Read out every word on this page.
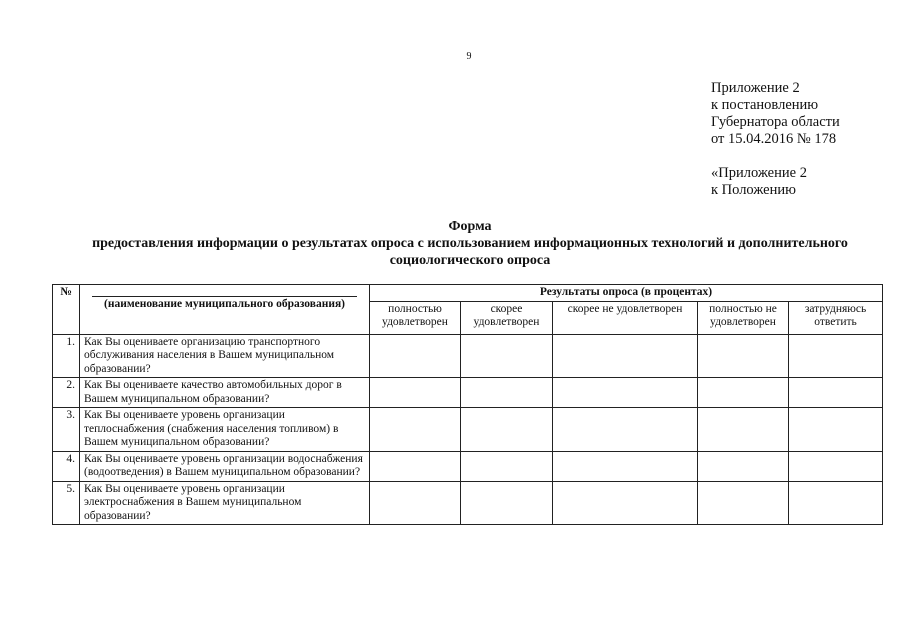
9
Приложение 2
к постановлению
Губернатора области
от 15.04.2016 № 178
«Приложение 2
к Положению
Форма
предоставления информации о результатах опроса с использованием информационных технологий и дополнительного социологического опроса
№	(наименование муниципального образования)	Результаты опроса (в процентах)				
		полностью удовлетворен	скорее удовлетворен	скорее не удовлетворен	полностью не удовлетворен	затрудняюсь ответить
1.	Как Вы оцениваете организацию транспортного обслуживания населения в Вашем муниципальном образовании?					
2.	Как Вы оцениваете качество автомобильных дорог в Вашем муниципальном образовании?					
3.	Как Вы оцениваете уровень организации теплоснабжения (снабжения населения топливом) в Вашем муниципальном образовании?					
4.	Как Вы оцениваете уровень организации водоснабжения (водоотведения) в Вашем муниципальном образовании?					
5.	Как Вы оцениваете уровень организации электроснабжения в Вашем муниципальном образовании?					
